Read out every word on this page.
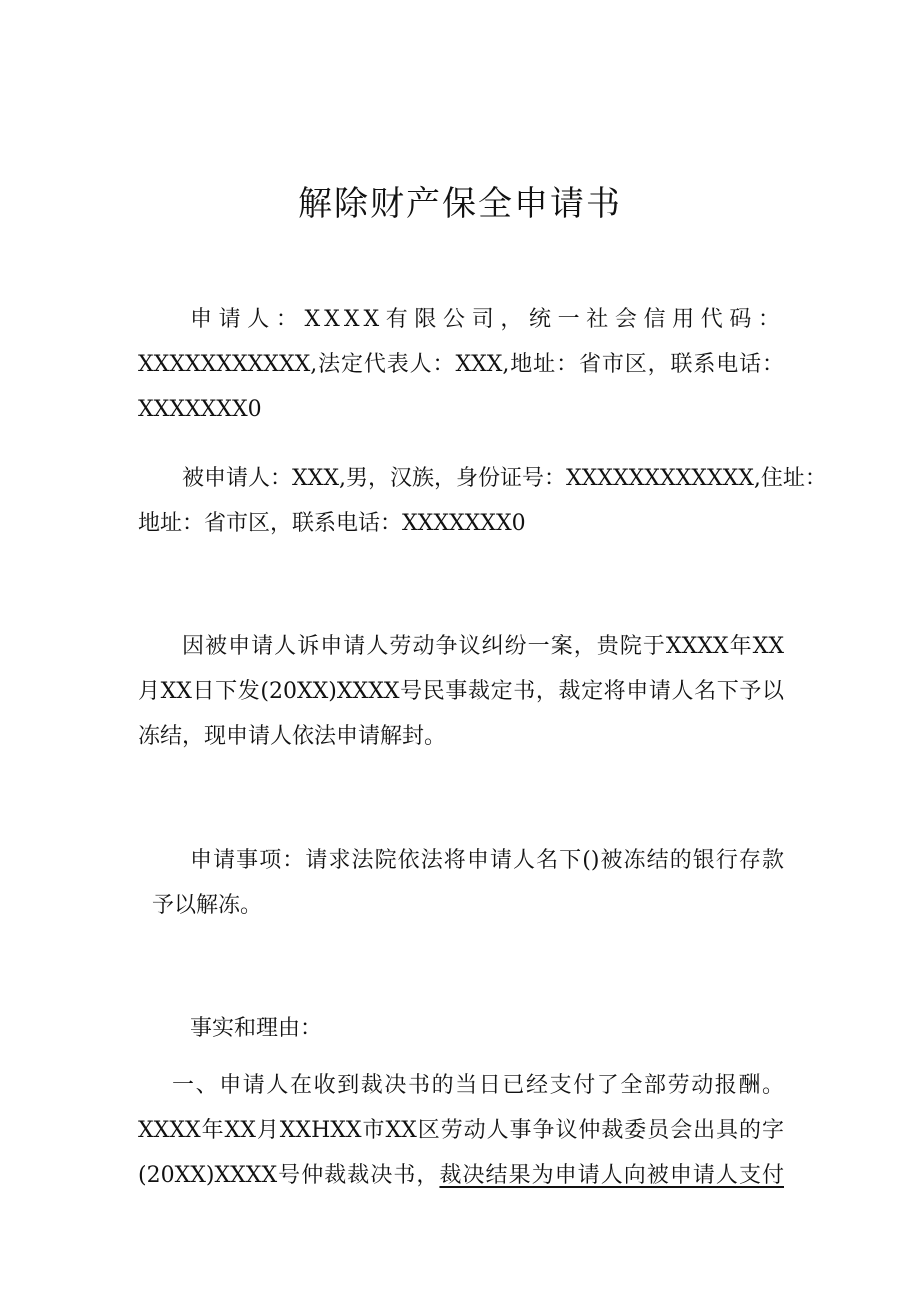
解除财产保全申请书
申请人：XXXX有限公司，统一社会信用代码：
XXXXXXXXXXX,法定代表人：XXX,地址：省市区，联系电话：
XXXXXXX0
被申请人：XXX,男，汉族，身份证号：XXXXXXXXXXXX,住址：
地址：省市区，联系电话：XXXXXXX0
因被申请人诉申请人劳动争议纠纷一案，贵院于XXXX年XX
月XX日下发(20XX)XXXX号民事裁定书，裁定将申请人名下予以
冻结，现申请人依法申请解封。
申请事项：请求法院依法将申请人名下()被冻结的银行存款
予以解冻。
事实和理由：
一、申请人在收到裁决书的当日已经支付了全部劳动报酬。
XXXX年XX月XXHXX市XX区劳动人事争议仲裁委员会出具的字
(20XX)XXXX号仲裁裁决书，裁决结果为申请人向被申请人支付
